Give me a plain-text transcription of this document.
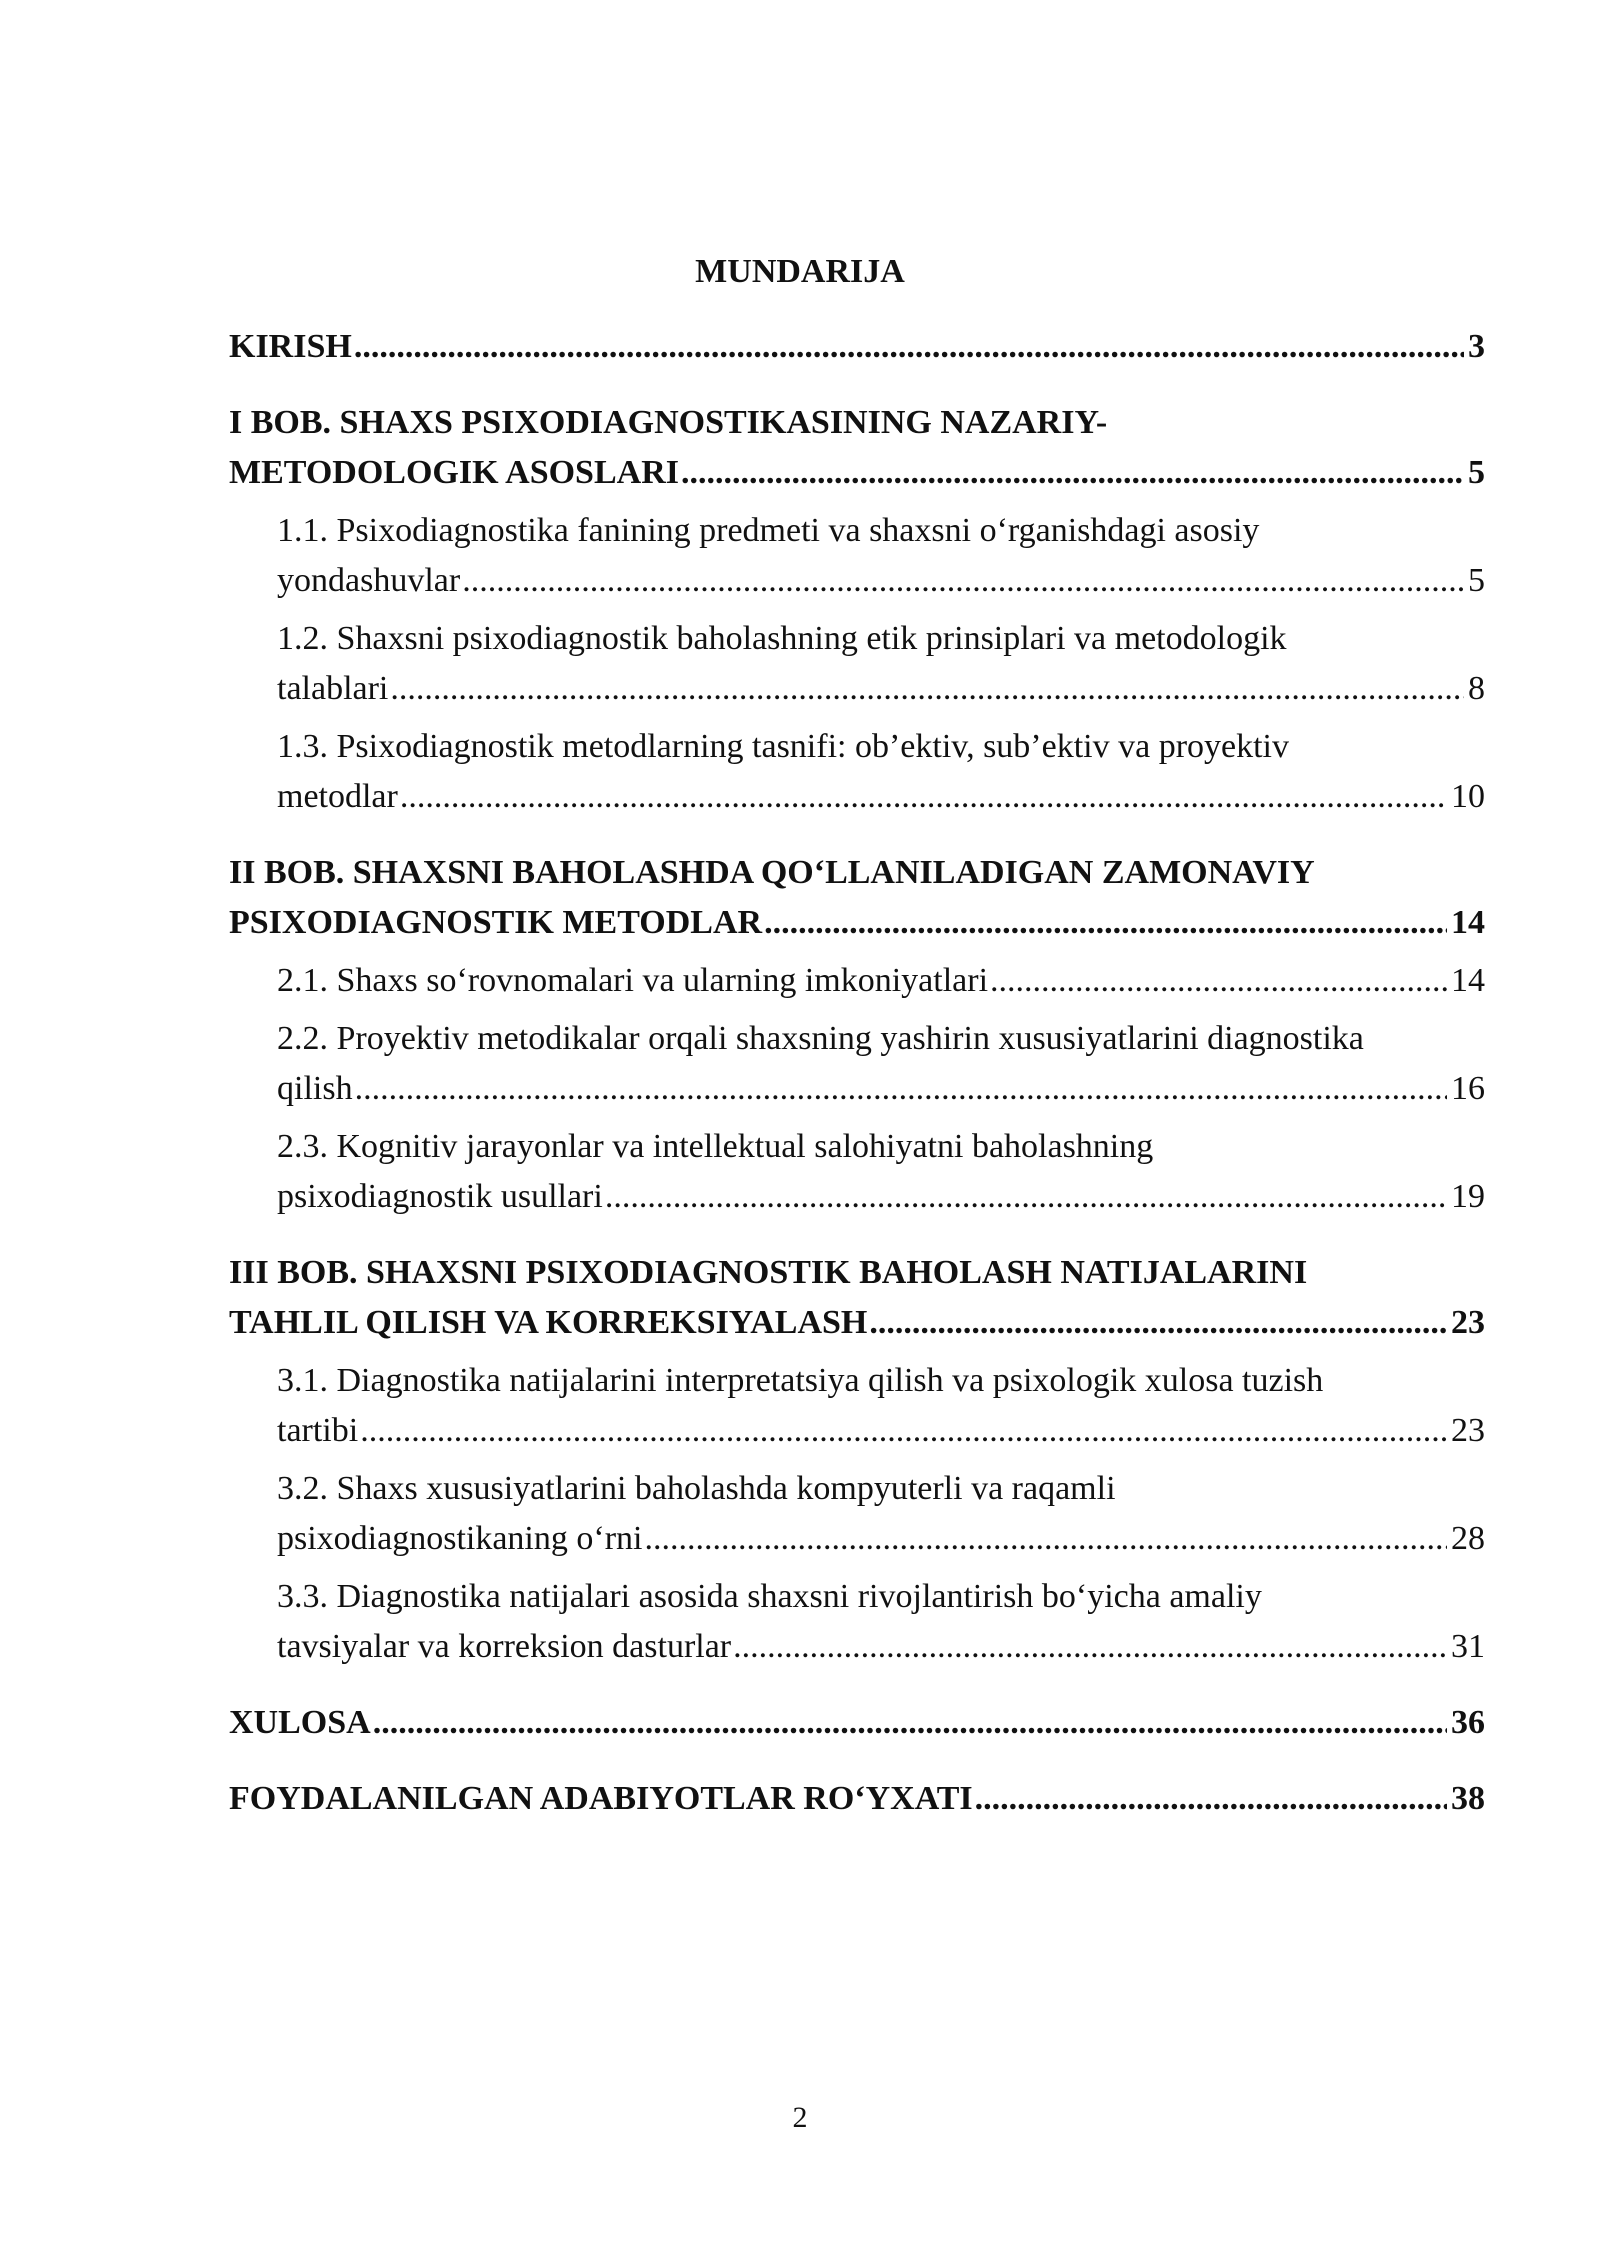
MUNDARIJA
KIRISH .....	3
I BOB. SHAXS PSIXODIAGNOSTIKASINING NAZARIY-
METODOLOGIK ASOSLARI .....	5
1.1. Psixodiagnostika fanining predmeti va shaxsni o‘rganishdagi asosiy
yondashuvlar .....	5
1.2. Shaxsni psixodiagnostik baholashning etik prinsiplari va metodologik
talablari .....	8
1.3. Psixodiagnostik metodlarning tasnifi: ob’ektiv, sub’ektiv va proyektiv
metodlar .....	10
II BOB. SHAXSNI BAHOLASHDA QO‘LLANILADIGAN ZAMONAVIY
PSIXODIAGNOSTIK METODLAR .....	14
2.1. Shaxs so‘rovnomalari va ularning imkoniyatlari .....	14
2.2. Proyektiv metodikalar orqali shaxsning yashirin xususiyatlarini diagnostika
qilish .....	16
2.3. Kognitiv jarayonlar va intellektual salohiyatni baholashning
psixodiagnostik usullari .....	19
III BOB. SHAXSNI PSIXODIAGNOSTIK BAHOLASH NATIJALARINI
TAHLIL QILISH VA KORREKSIYALASH .....	23
3.1. Diagnostika natijalarini interpretatsiya qilish va psixologik xulosa tuzish
tartibi .....	23
3.2. Shaxs xususiyatlarini baholashda kompyuterli va raqamli
psixodiagnostikaning o‘rni .....	28
3.3. Diagnostika natijalari asosida shaxsni rivojlantirish bo‘yicha amaliy
tavsiyalar va korreksion dasturlar .....	31
XULOSA .....	36
FOYDALANILGAN ADABIYOTLAR RO‘YXATI .....	38
2
